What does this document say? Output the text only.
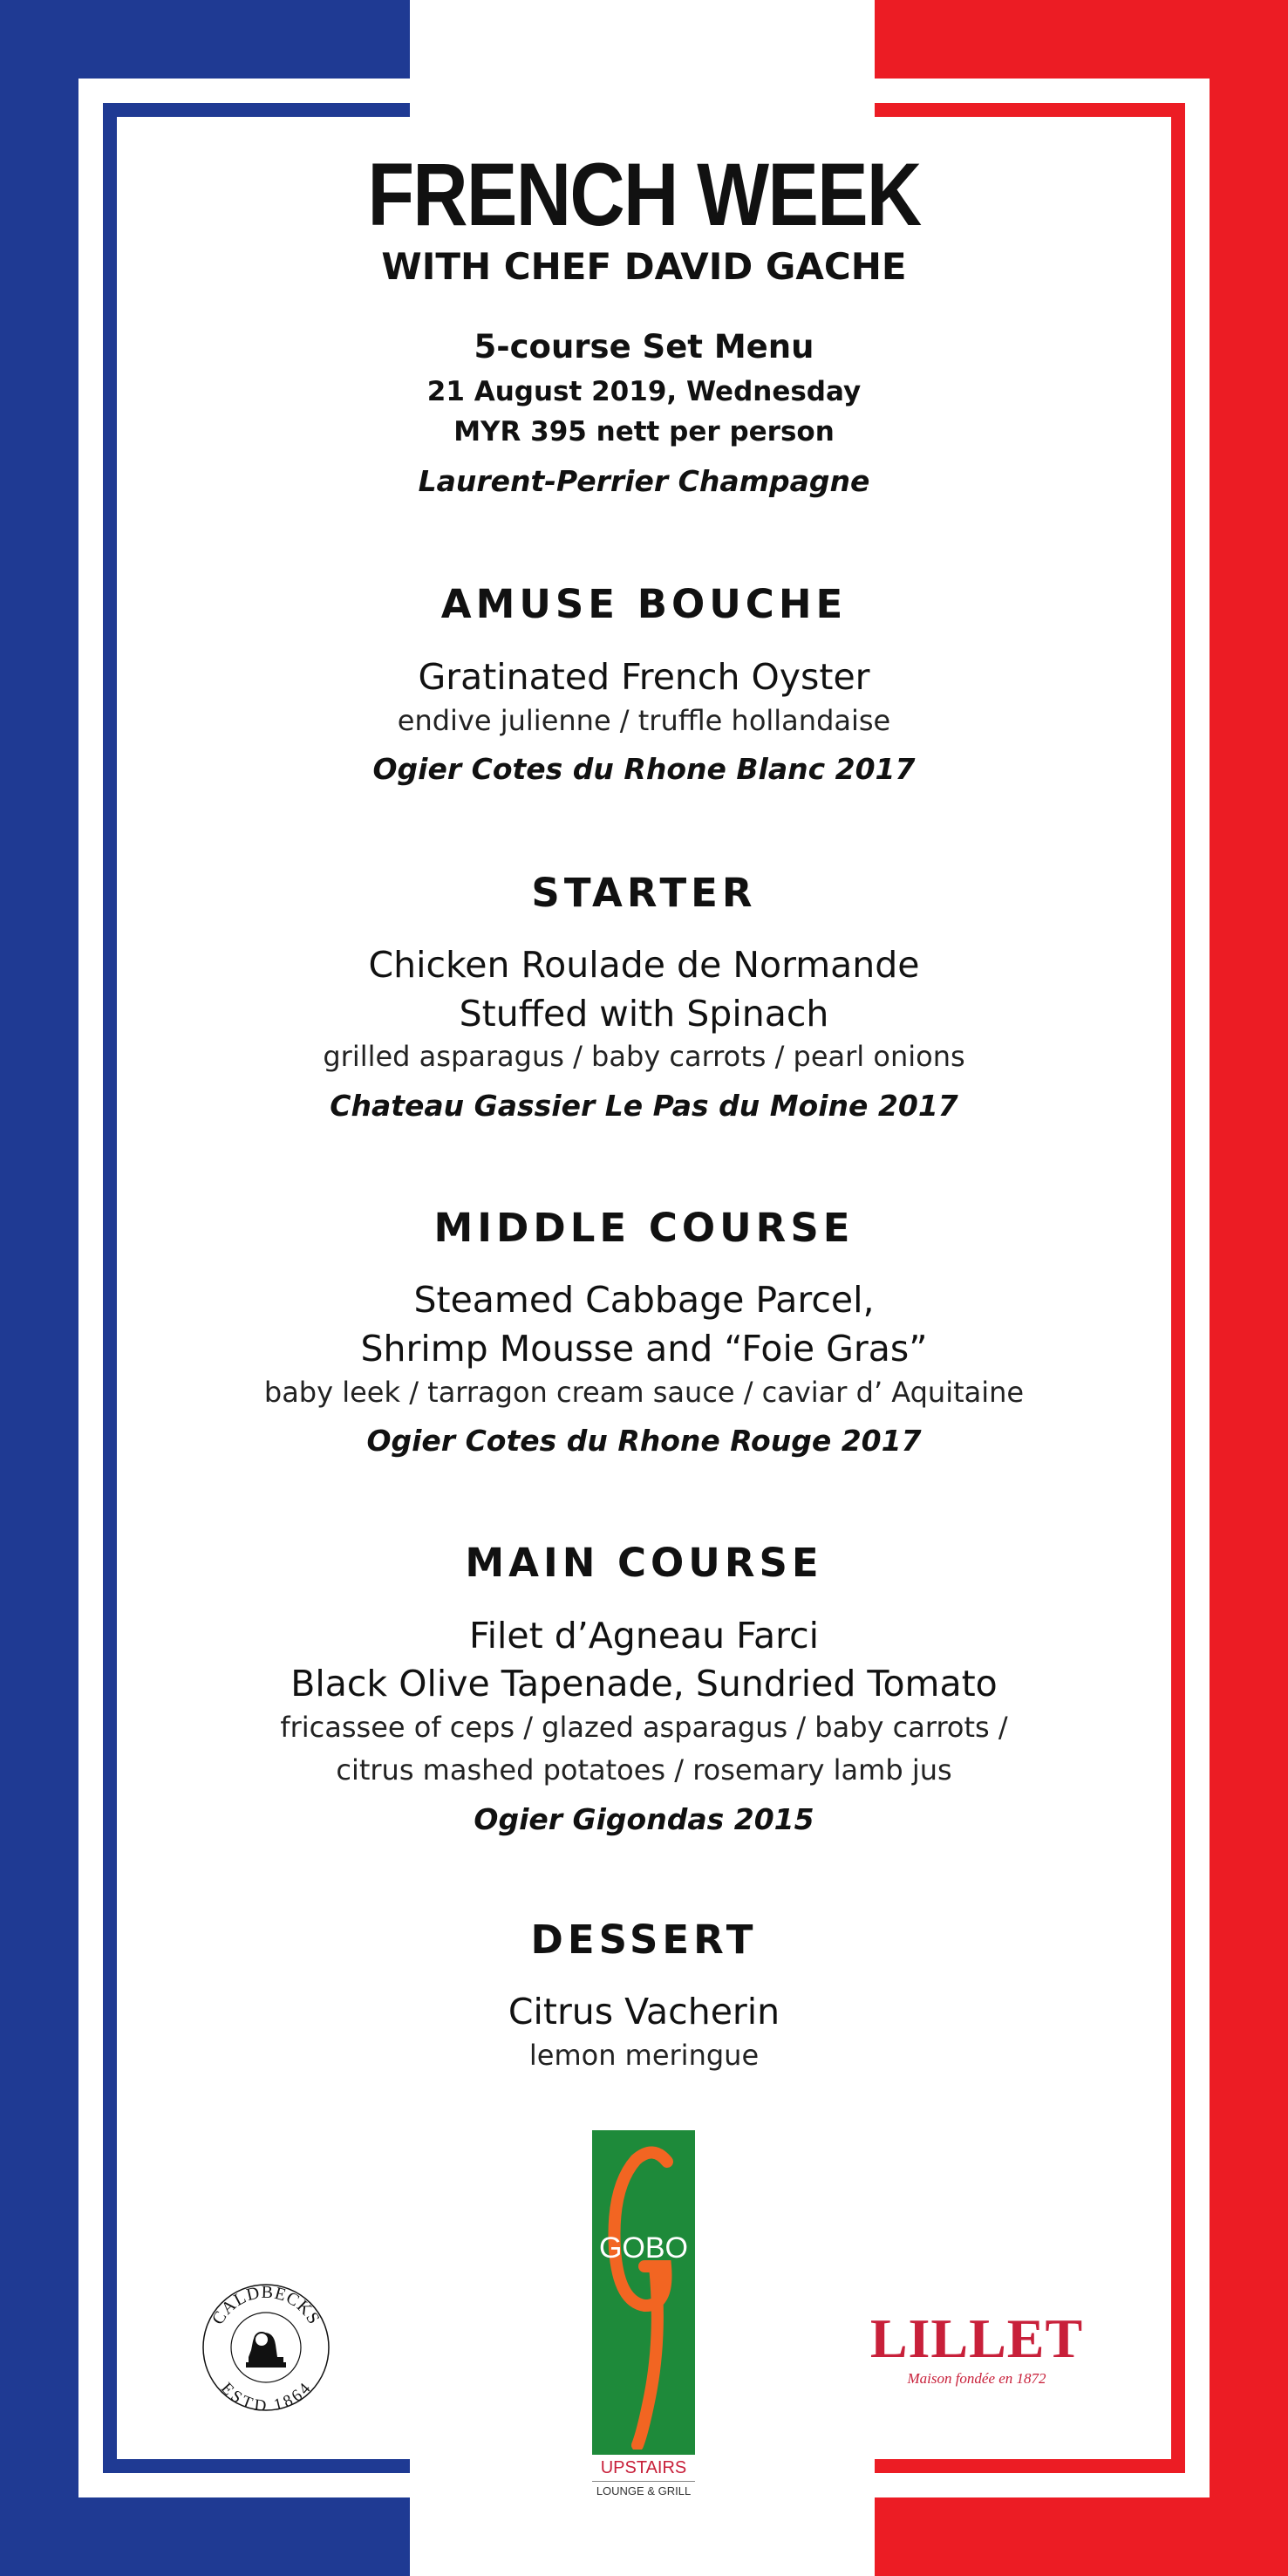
FRENCH WEEK
WITH CHEF DAVID GACHE
5-course Set Menu
21 August 2019, Wednesday
MYR 395 nett per person
Laurent-Perrier Champagne
AMUSE BOUCHE
Gratinated French Oyster
endive julienne / truffle hollandaise
Ogier Cotes du Rhone Blanc 2017
STARTER
Chicken Roulade de Normande
Stuffed with Spinach
grilled asparagus / baby carrots / pearl onions
Chateau Gassier Le Pas du Moine 2017
MIDDLE COURSE
Steamed Cabbage Parcel,
Shrimp Mousse and “Foie Gras”
baby leek / tarragon cream sauce / caviar d’ Aquitaine
Ogier Cotes du Rhone Rouge 2017
MAIN COURSE
Filet d’Agneau Farci
Black Olive Tapenade, Sundried Tomato
fricassee of ceps / glazed asparagus / baby carrots /
citrus mashed potatoes / rosemary lamb jus
Ogier Gigondas 2015
DESSERT
Citrus Vacherin
lemon meringue
CALDBECKS
ESTD 1864
GOBO
UPSTAIRS
LOUNGE & GRILL
LILLET
Maison fondée en 1872
